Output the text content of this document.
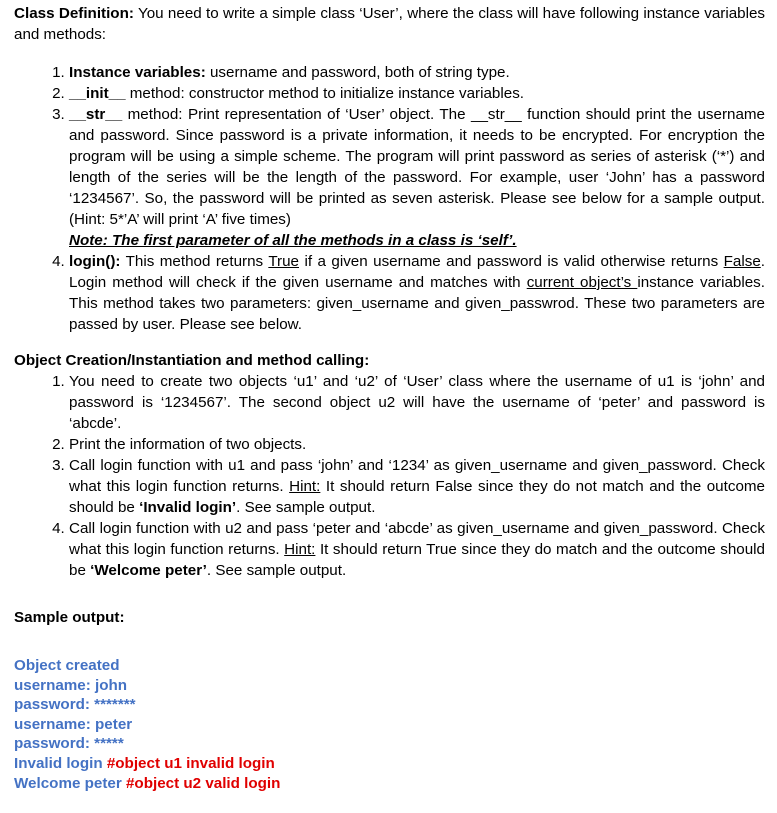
Class Definition: You need to write a simple class ‘User’, where the class will have following instance variables and methods:

1. Instance variables: username and password, both of string type.
2. __init__ method: constructor method to initialize instance variables.
3. __str__ method: Print representation of ‘User’ object. The __str__ function should print the username and password. Since password is a private information, it needs to be encrypted. For encryption the program will be using a simple scheme. The program will print password as series of asterisk (‘*’) and length of the series will be the length of the password. For example, user ‘John’ has a password ‘1234567’. So, the password will be printed as seven asterisk. Please see below for a sample output. (Hint: 5*’A’ will print ‘A’ five times)
Note: The first parameter of all the methods in a class is ‘self’.
4. login(): This method returns True if a given username and password is valid otherwise returns False. Login method will check if the given username and matches with current object’s instance variables. This method takes two parameters: given_username and given_passwrod. These two parameters are passed by user. Please see below.
Object Creation/Instantiation and method calling:
1. You need to create two objects ‘u1’ and ‘u2’ of ‘User’ class where the username of u1 is ‘john’ and password is ‘1234567’. The second object u2 will have the username of ‘peter’ and password is ‘abcde’.
2. Print the information of two objects.
3. Call login function with u1 and pass ‘john’ and ‘1234’ as given_username and given_password. Check what this login function returns. Hint: It should return False since they do not match and the outcome should be ‘Invalid login’. See sample output.
4. Call login function with u2 and pass ‘peter and ‘abcde’ as given_username and given_password. Check what this login function returns. Hint: It should return True since they do match and the outcome should be ‘Welcome peter’. See sample output.
Sample output:
Object created
username: john
password: *******
username: peter
password: *****
Invalid login #object u1 invalid login
Welcome peter #object u2 valid login
